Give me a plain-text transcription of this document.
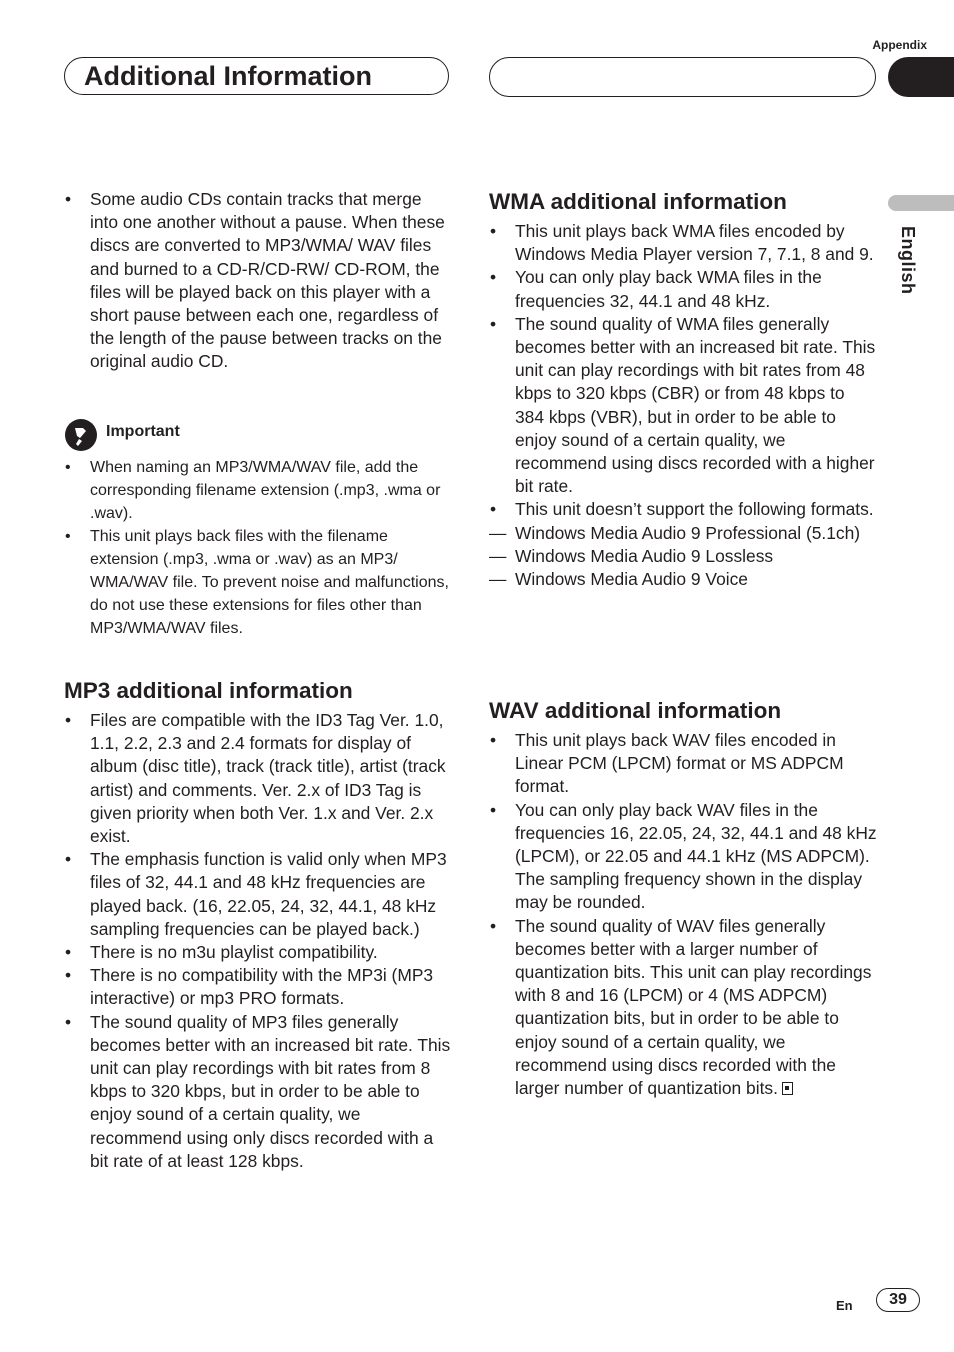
Appendix
Additional Information
English
• Some audio CDs contain tracks that merge into one another without a pause. When these discs are converted to MP3/WMA/ WAV files and burned to a CD-R/CD-RW/ CD-ROM, the files will be played back on this player with a short pause between each one, regardless of the length of the pause between tracks on the original audio CD.
Important
• When naming an MP3/WMA/WAV file, add the corresponding filename extension (.mp3, .wma or .wav).
• This unit plays back files with the filename extension (.mp3, .wma or .wav) as an MP3/ WMA/WAV file. To prevent noise and malfunctions, do not use these extensions for files other than MP3/WMA/WAV files.
MP3 additional information
• Files are compatible with the ID3 Tag Ver. 1.0, 1.1, 2.2, 2.3 and 2.4 formats for display of album (disc title), track (track title), artist (track artist) and comments. Ver. 2.x of ID3 Tag is given priority when both Ver. 1.x and Ver. 2.x exist.
• The emphasis function is valid only when MP3 files of 32, 44.1 and 48 kHz frequencies are played back. (16, 22.05, 24, 32, 44.1, 48 kHz sampling frequencies can be played back.)
• There is no m3u playlist compatibility.
• There is no compatibility with the MP3i (MP3 interactive) or mp3 PRO formats.
• The sound quality of MP3 files generally becomes better with an increased bit rate. This unit can play recordings with bit rates from 8 kbps to 320 kbps, but in order to be able to enjoy sound of a certain quality, we recommend using only discs recorded with a bit rate of at least 128 kbps.
WMA additional information
• This unit plays back WMA files encoded by Windows Media Player version 7, 7.1, 8 and 9.
• You can only play back WMA files in the frequencies 32, 44.1 and 48 kHz.
• The sound quality of WMA files generally becomes better with an increased bit rate. This unit can play recordings with bit rates from 48 kbps to 320 kbps (CBR) or from 48 kbps to 384 kbps (VBR), but in order to be able to enjoy sound of a certain quality, we recommend using discs recorded with a higher bit rate.
• This unit doesn’t support the following formats.
— Windows Media Audio 9 Professional (5.1ch)
— Windows Media Audio 9 Lossless
— Windows Media Audio 9 Voice
WAV additional information
• This unit plays back WAV files encoded in Linear PCM (LPCM) format or MS ADPCM format.
• You can only play back WAV files in the frequencies 16, 22.05, 24, 32, 44.1 and 48 kHz (LPCM), or 22.05 and 44.1 kHz (MS ADPCM). The sampling frequency shown in the display may be rounded.
• The sound quality of WAV files generally becomes better with a larger number of quantization bits. This unit can play recordings with 8 and 16 (LPCM) or 4 (MS ADPCM) quantization bits, but in order to be able to enjoy sound of a certain quality, we recommend using discs recorded with the larger number of quantization bits.
En	39
